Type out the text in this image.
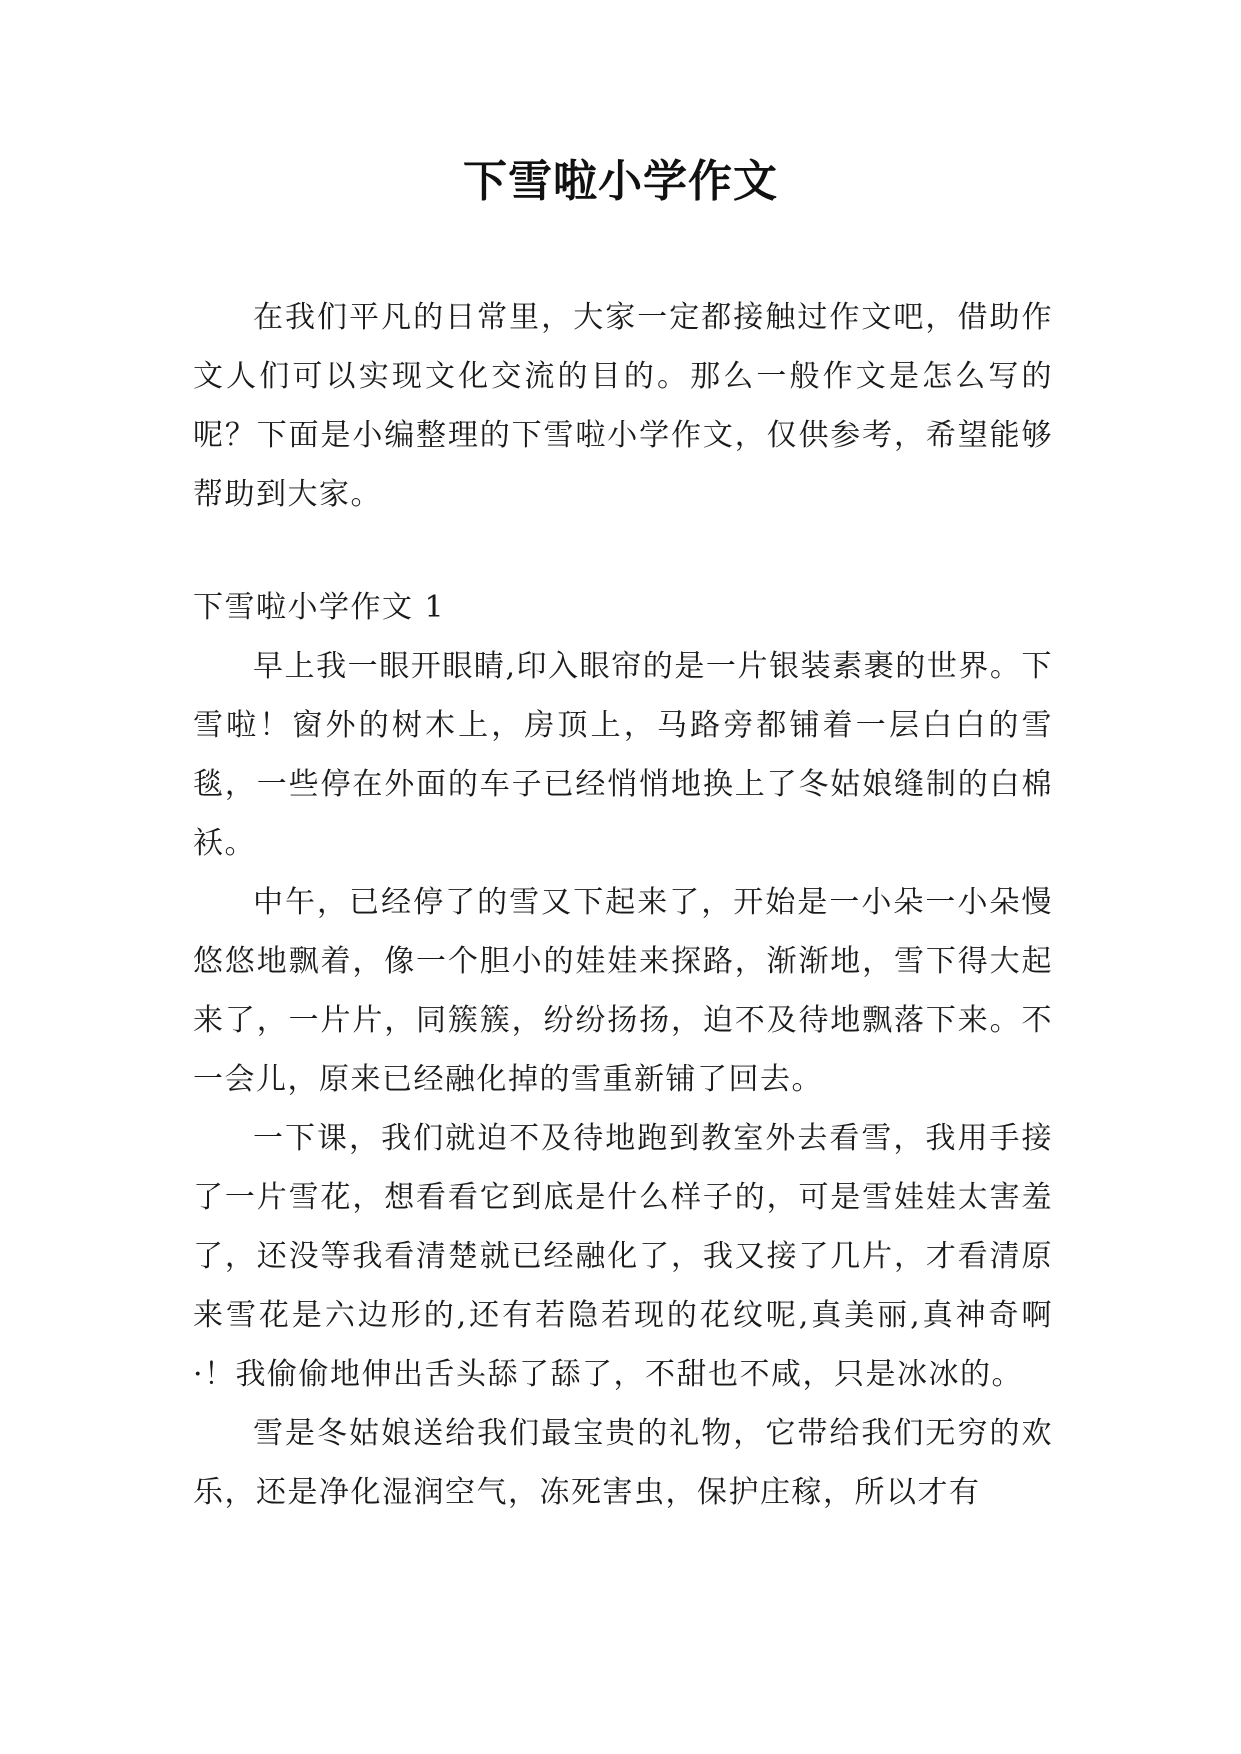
下雪啦小学作文

在我们平凡的日常里，大家一定都接触过作文吧，借助作文人们可以实现文化交流的目的。那么一般作文是怎么写的呢？下面是小编整理的下雪啦小学作文，仅供参考，希望能够帮助到大家。

下雪啦小学作文 1

早上我一眼开眼睛,印入眼帘的是一片银装素裹的世界。下雪啦！窗外的树木上，房顶上，马路旁都铺着一层白白的雪毯，一些停在外面的车子已经悄悄地换上了冬姑娘缝制的白棉袄。

中午，已经停了的雪又下起来了，开始是一小朵一小朵慢悠悠地飘着，像一个胆小的娃娃来探路，渐渐地，雪下得大起来了，一片片，同簇簇，纷纷扬扬，迫不及待地飘落下来。不一会儿，原来已经融化掉的雪重新铺了回去。

一下课，我们就迫不及待地跑到教室外去看雪，我用手接了一片雪花，想看看它到底是什么样子的，可是雪娃娃太害羞了，还没等我看清楚就已经融化了，我又接了几片，才看清原来雪花是六边形的,还有若隐若现的花纹呢,真美丽,真神奇啊·！我偷偷地伸出舌头舔了舔了，不甜也不咸，只是冰冰的。

雪是冬姑娘送给我们最宝贵的礼物，它带给我们无穷的欢乐，还是净化湿润空气，冻死害虫，保护庄稼，所以才有
